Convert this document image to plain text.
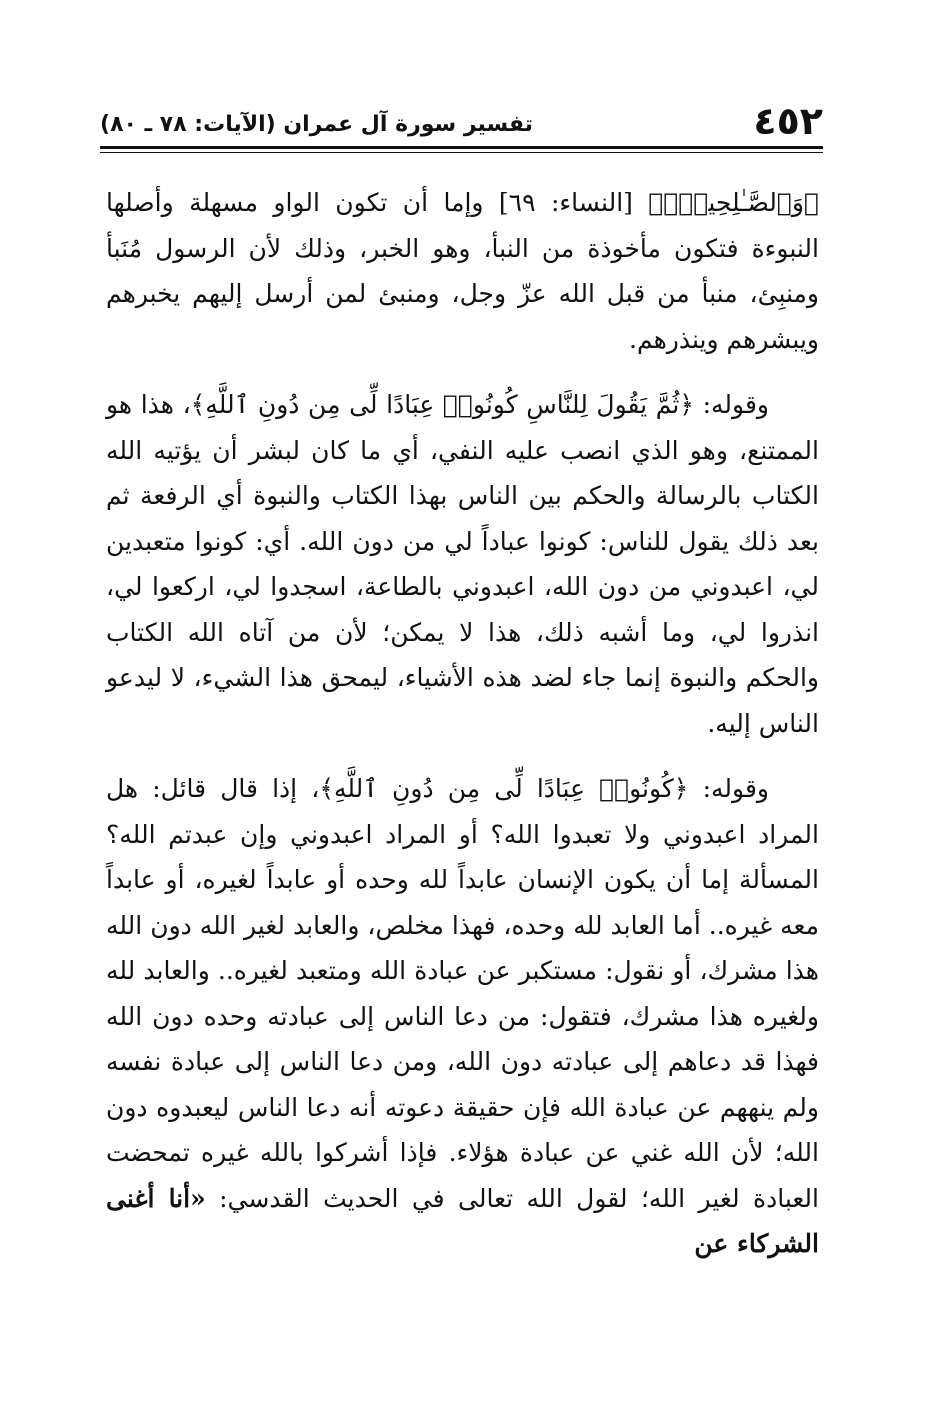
٤٥٢
تفسير سورة آل عمران (الآيات: ٧٨ ـ ٨٠)

﴿وَٱلصَّـٰلِحِينَۚ﴾ [النساء: ٦٩] وإما أن تكون الواو مسهلة وأصلها النبوءة فتكون مأخوذة من النبأ، وهو الخبر، وذلك لأن الرسول مُنَبأ ومنبِئ، منبأ من قبل الله عزّ وجل، ومنبئ لمن أرسل إليهم يخبرهم ويبشرهم وينذرهم.

وقوله: ﴿ثُمَّ يَقُولَ لِلنَّاسِ كُونُوا۟ عِبَادًا لِّى مِن دُونِ ٱللَّهِ﴾، هذا هو الممتنع، وهو الذي انصب عليه النفي، أي ما كان لبشر أن يؤتيه الله الكتاب بالرسالة والحكم بين الناس بهذا الكتاب والنبوة أي الرفعة ثم بعد ذلك يقول للناس: كونوا عباداً لي من دون الله. أي: كونوا متعبدين لي، اعبدوني من دون الله، اعبدوني بالطاعة، اسجدوا لي، اركعوا لي، انذروا لي، وما أشبه ذلك، هذا لا يمكن؛ لأن من آتاه الله الكتاب والحكم والنبوة إنما جاء لضد هذه الأشياء، ليمحق هذا الشيء، لا ليدعو الناس إليه.

وقوله: ﴿كُونُوا۟ عِبَادًا لِّى مِن دُونِ ٱللَّهِ﴾، إذا قال قائل: هل المراد اعبدوني ولا تعبدوا الله؟ أو المراد اعبدوني وإن عبدتم الله؟ المسألة إما أن يكون الإنسان عابداً لله وحده أو عابداً لغيره، أو عابداً معه غيره.. أما العابد لله وحده، فهذا مخلص، والعابد لغير الله دون الله هذا مشرك، أو نقول: مستكبر عن عبادة الله ومتعبد لغيره.. والعابد لله ولغيره هذا مشرك، فتقول: من دعا الناس إلى عبادته وحده دون الله فهذا قد دعاهم إلى عبادته دون الله، ومن دعا الناس إلى عبادة نفسه ولم ينههم عن عبادة الله فإن حقيقة دعوته أنه دعا الناس ليعبدوه دون الله؛ لأن الله غني عن عبادة هؤلاء. فإذا أشركوا بالله غيره تمحضت العبادة لغير الله؛ لقول الله تعالى في الحديث القدسي: «أنا أغنى الشركاء عن
